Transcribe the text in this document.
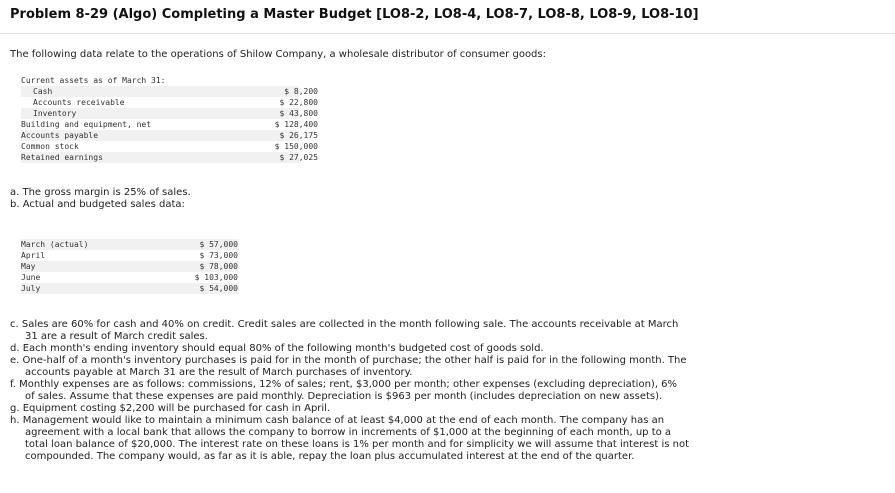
Problem 8-29 (Algo) Completing a Master Budget [LO8-2, LO8-4, LO8-7, LO8-8, LO8-9, LO8-10]
The following data relate to the operations of Shilow Company, a wholesale distributor of consumer goods:
Current assets as of March 31:
Cash	$ 8,200
Accounts receivable	$ 22,800
Inventory	$ 43,800
Building and equipment, net	$ 128,400
Accounts payable	$ 26,175
Common stock	$ 150,000
Retained earnings	$ 27,025
a. The gross margin is 25% of sales.
b. Actual and budgeted sales data:
March (actual)	$ 57,000
April	$ 73,000
May	$ 78,000
June	$ 103,000
July	$ 54,000
c. Sales are 60% for cash and 40% on credit. Credit sales are collected in the month following sale. The accounts receivable at March
31 are a result of March credit sales.
d. Each month's ending inventory should equal 80% of the following month's budgeted cost of goods sold.
e. One-half of a month's inventory purchases is paid for in the month of purchase; the other half is paid for in the following month. The
accounts payable at March 31 are the result of March purchases of inventory.
f. Monthly expenses are as follows: commissions, 12% of sales; rent, $3,000 per month; other expenses (excluding depreciation), 6%
of sales. Assume that these expenses are paid monthly. Depreciation is $963 per month (includes depreciation on new assets).
g. Equipment costing $2,200 will be purchased for cash in April.
h. Management would like to maintain a minimum cash balance of at least $4,000 at the end of each month. The company has an
agreement with a local bank that allows the company to borrow in increments of $1,000 at the beginning of each month, up to a
total loan balance of $20,000. The interest rate on these loans is 1% per month and for simplicity we will assume that interest is not
compounded. The company would, as far as it is able, repay the loan plus accumulated interest at the end of the quarter.
